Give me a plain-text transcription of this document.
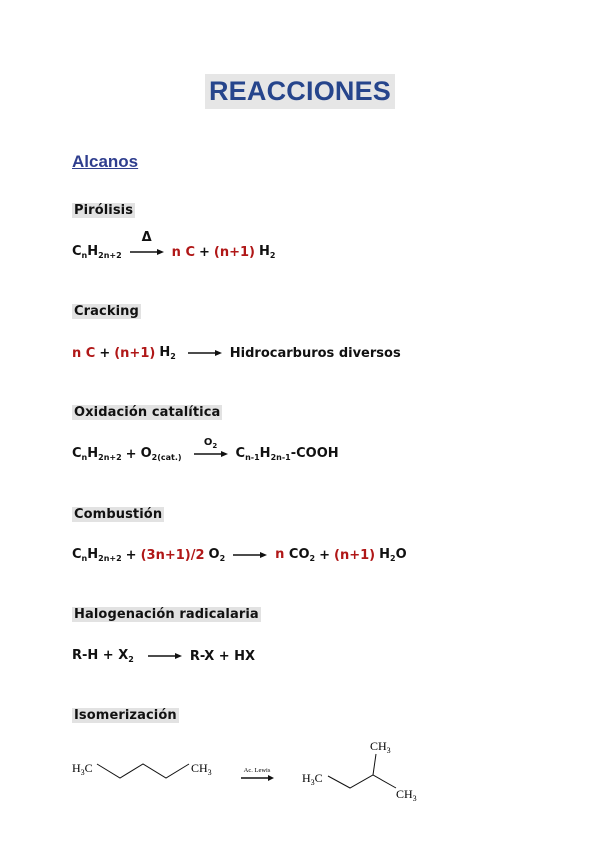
REACCIONES
Alcanos
Pirólisis
$C_nH_{2n+2}$
Δ
n C + (n+1) $H_2$
Cracking
n C + (n+1) $H_2$ → Hidrocarburos diversos
Oxidación catalítica
$C_nH_{2n+2} + O_{2(cat.)}$
$O_2$	$C_{n-1}H_{2n-1}$-COOH
Combustión
$C_nH_{2n+2} + (3n+1)/2$ $O_2 \to n$ $CO_2 + (n+1)$ $H_2O$
Halogenación radicalaria
$R-H + X_2 \to R-X$ + HX
Isomerización
$H_3C$	$CH_3$	Ac. Lewis
$CH_3$
$H_3C$
$CH_3$
